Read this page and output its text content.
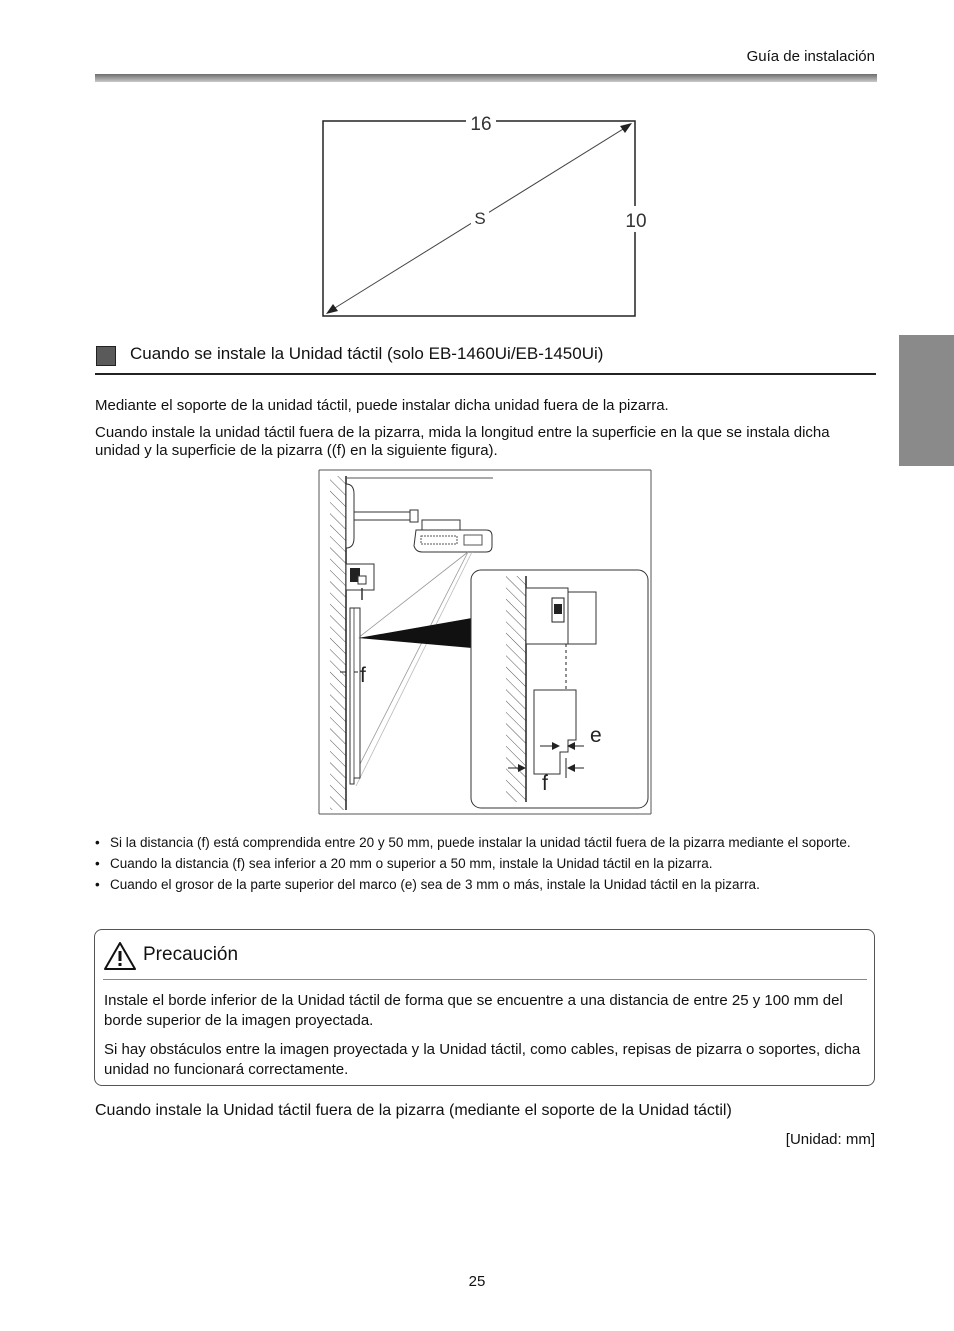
Guía de instalación
16
S	10
Cuando se instale la Unidad táctil (solo EB-1460Ui/EB-1450Ui)
Mediante el soporte de la unidad táctil, puede instalar dicha unidad fuera de la pizarra.
Cuando instale la unidad táctil fuera de la pizarra, mida la longitud entre la superficie en la que se instala dicha unidad y la superficie de la pizarra ((f) en la siguiente figura).
f
e
f
• Si la distancia (f) está comprendida entre 20 y 50 mm, puede instalar la unidad táctil fuera de la pizarra mediante el soporte.
• Cuando la distancia (f) sea inferior a 20 mm o superior a 50 mm, instale la Unidad táctil en la pizarra.
• Cuando el grosor de la parte superior del marco (e) sea de 3 mm o más, instale la Unidad táctil en la pizarra.
Precaución
Instale el borde inferior de la Unidad táctil de forma que se encuentre a una distancia de entre 25 y 100 mm del borde superior de la imagen proyectada.
Si hay obstáculos entre la imagen proyectada y la Unidad táctil, como cables, repisas de pizarra o soportes, dicha unidad no funcionará correctamente.
Cuando instale la Unidad táctil fuera de la pizarra (mediante el soporte de la Unidad táctil)
[Unidad: mm]
25
